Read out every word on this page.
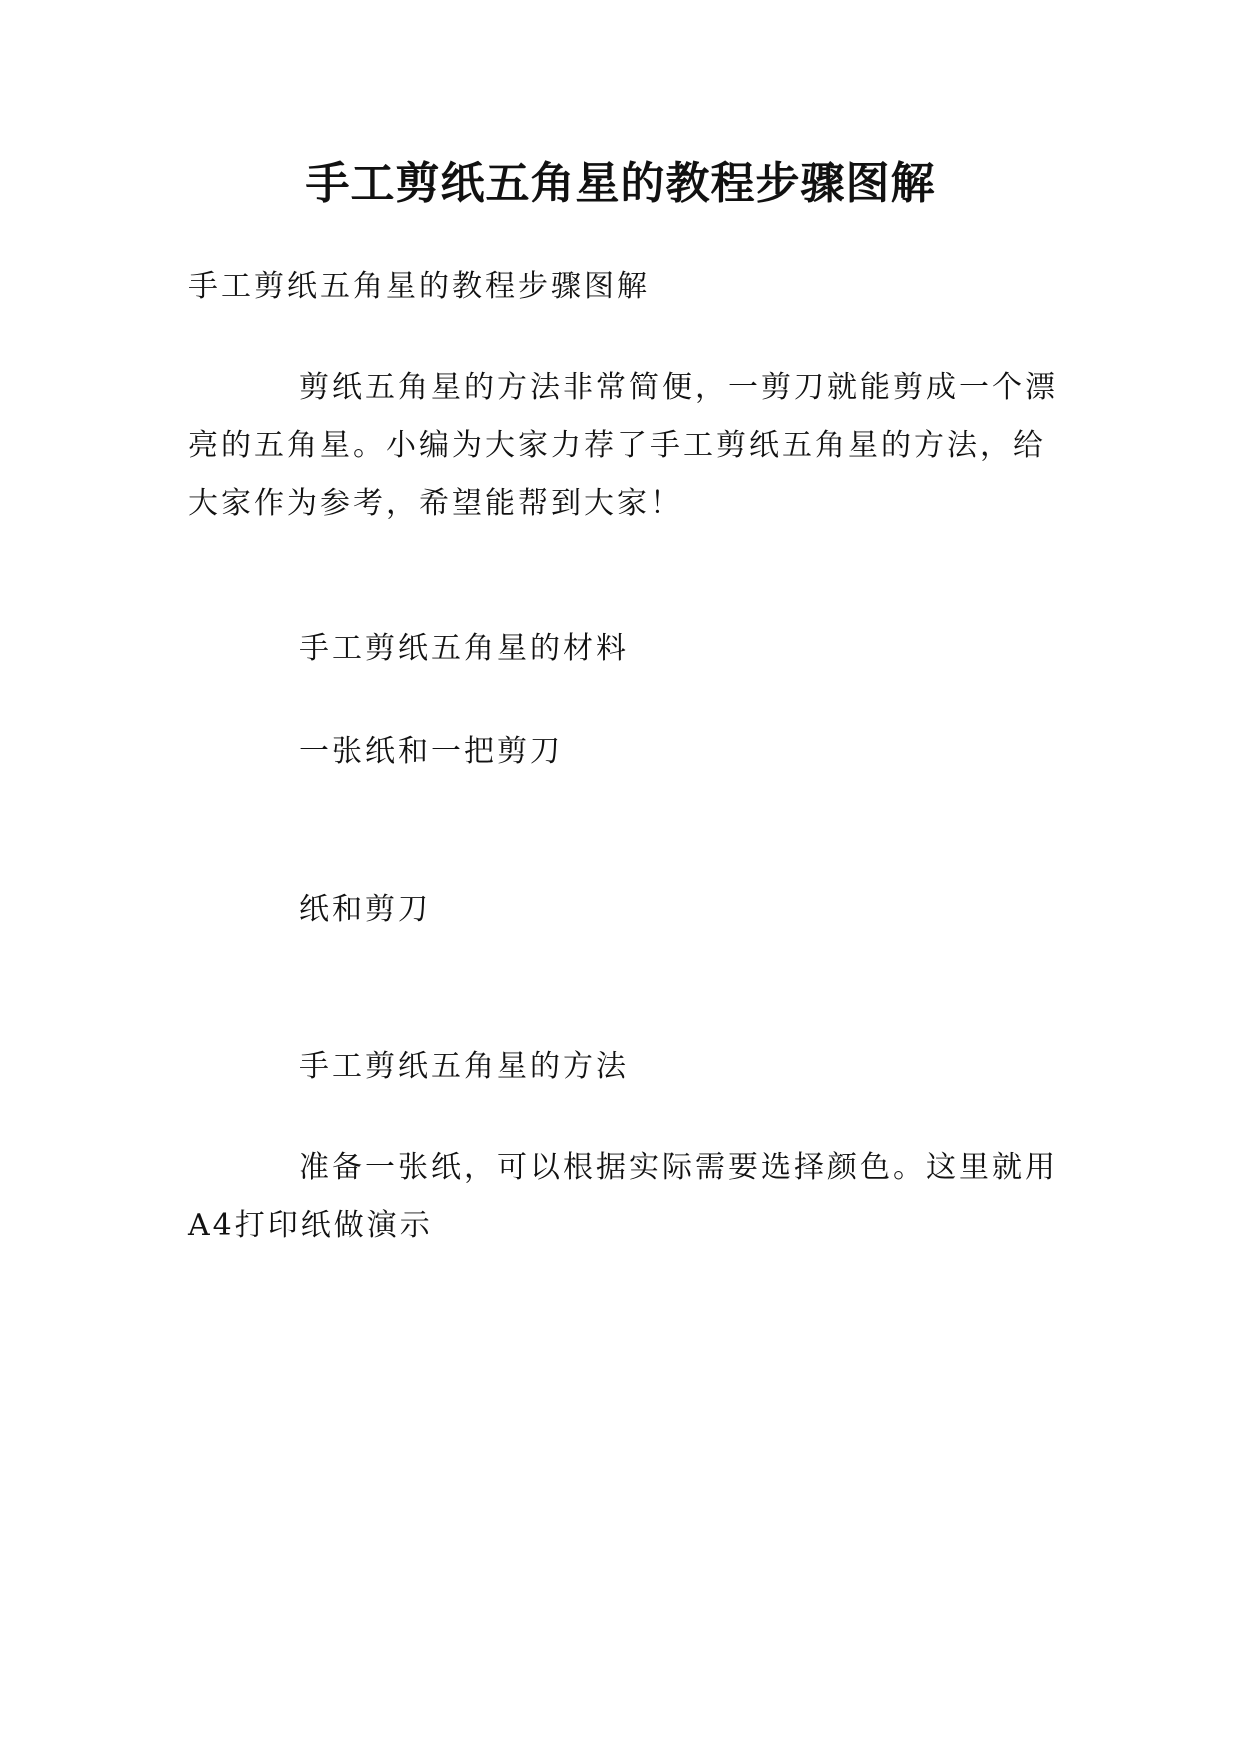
手工剪纸五角星的教程步骤图解
手工剪纸五角星的教程步骤图解

剪纸五角星的方法非常简便，一剪刀就能剪成一个漂亮的五角星。小编为大家力荐了手工剪纸五角星的方法，给大家作为参考，希望能帮到大家！

手工剪纸五角星的材料
一张纸和一把剪刀
纸和剪刀
手工剪纸五角星的方法

准备一张纸，可以根据实际需要选择颜色。这里就用A4打印纸做演示
